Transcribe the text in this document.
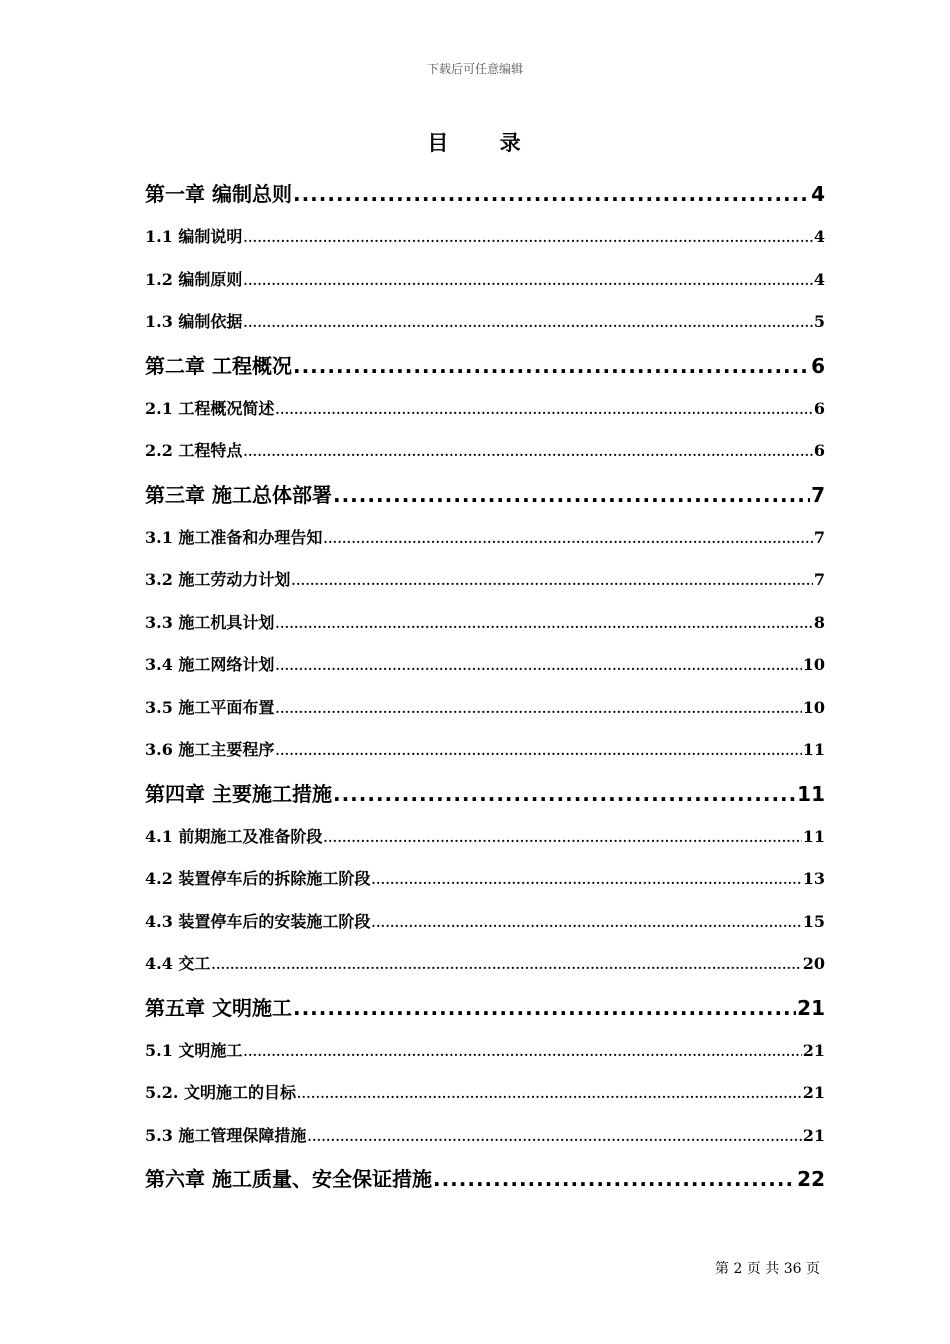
下载后可任意编辑
目 录
第一章 编制总则 .....	4
1.1 编制说明 .....	4
1.2 编制原则 .....	4
1.3 编制依据 .....	5
第二章 工程概况 .....	6
2.1 工程概况简述 .....	6
2.2 工程特点 .....	6
第三章 施工总体部署 .....	7
3.1 施工准备和办理告知 .....	7
3.2 施工劳动力计划 .....	7
3.3 施工机具计划 .....	8
3.4 施工网络计划 .....	10
3.5 施工平面布置 .....	10
3.6 施工主要程序 .....	11
第四章 主要施工措施 .....	11
4.1 前期施工及准备阶段 .....	11
4.2 装置停车后的拆除施工阶段 .....	13
4.3 装置停车后的安装施工阶段 .....	15
4.4 交工 .....	20
第五章 文明施工 .....	21
5.1 文明施工 .....	21
5.2. 文明施工的目标 .....	21
5.3 施工管理保障措施 .....	21
第六章 施工质量、安全保证措施 .....	22
第 2 页 共 36 页
